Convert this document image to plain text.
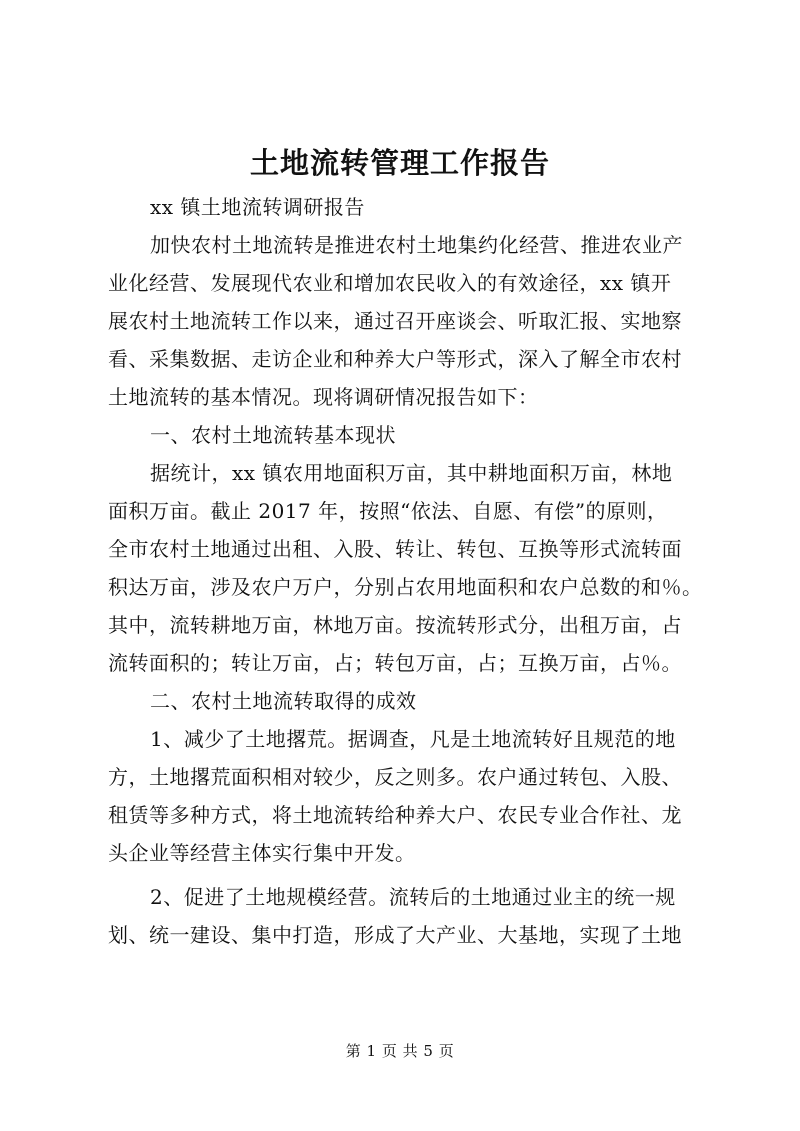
土地流转管理工作报告
xx 镇土地流转调研报告
加快农村土地流转是推进农村土地集约化经营、推进农业产
业化经营、发展现代农业和增加农民收入的有效途径，xx 镇开
展农村土地流转工作以来，通过召开座谈会、听取汇报、实地察
看、采集数据、走访企业和种养大户等形式，深入了解全市农村
土地流转的基本情况。现将调研情况报告如下：
一、农村土地流转基本现状
据统计，xx 镇农用地面积万亩，其中耕地面积万亩，林地
面积万亩。截止 2017 年，按照“依法、自愿、有偿”的原则，
全市农村土地通过出租、入股、转让、转包、互换等形式流转面
积达万亩，涉及农户万户，分别占农用地面积和农户总数的和％。
其中，流转耕地万亩，林地万亩。按流转形式分，出租万亩，占
流转面积的；转让万亩，占；转包万亩，占；互换万亩，占％。
二、农村土地流转取得的成效
1、减少了土地撂荒。据调查，凡是土地流转好且规范的地
方，土地撂荒面积相对较少，反之则多。农户通过转包、入股、
租赁等多种方式，将土地流转给种养大户、农民专业合作社、龙
头企业等经营主体实行集中开发。
2、促进了土地规模经营。流转后的土地通过业主的统一规
划、统一建设、集中打造，形成了大产业、大基地，实现了土地
第 1 页 共 5 页
